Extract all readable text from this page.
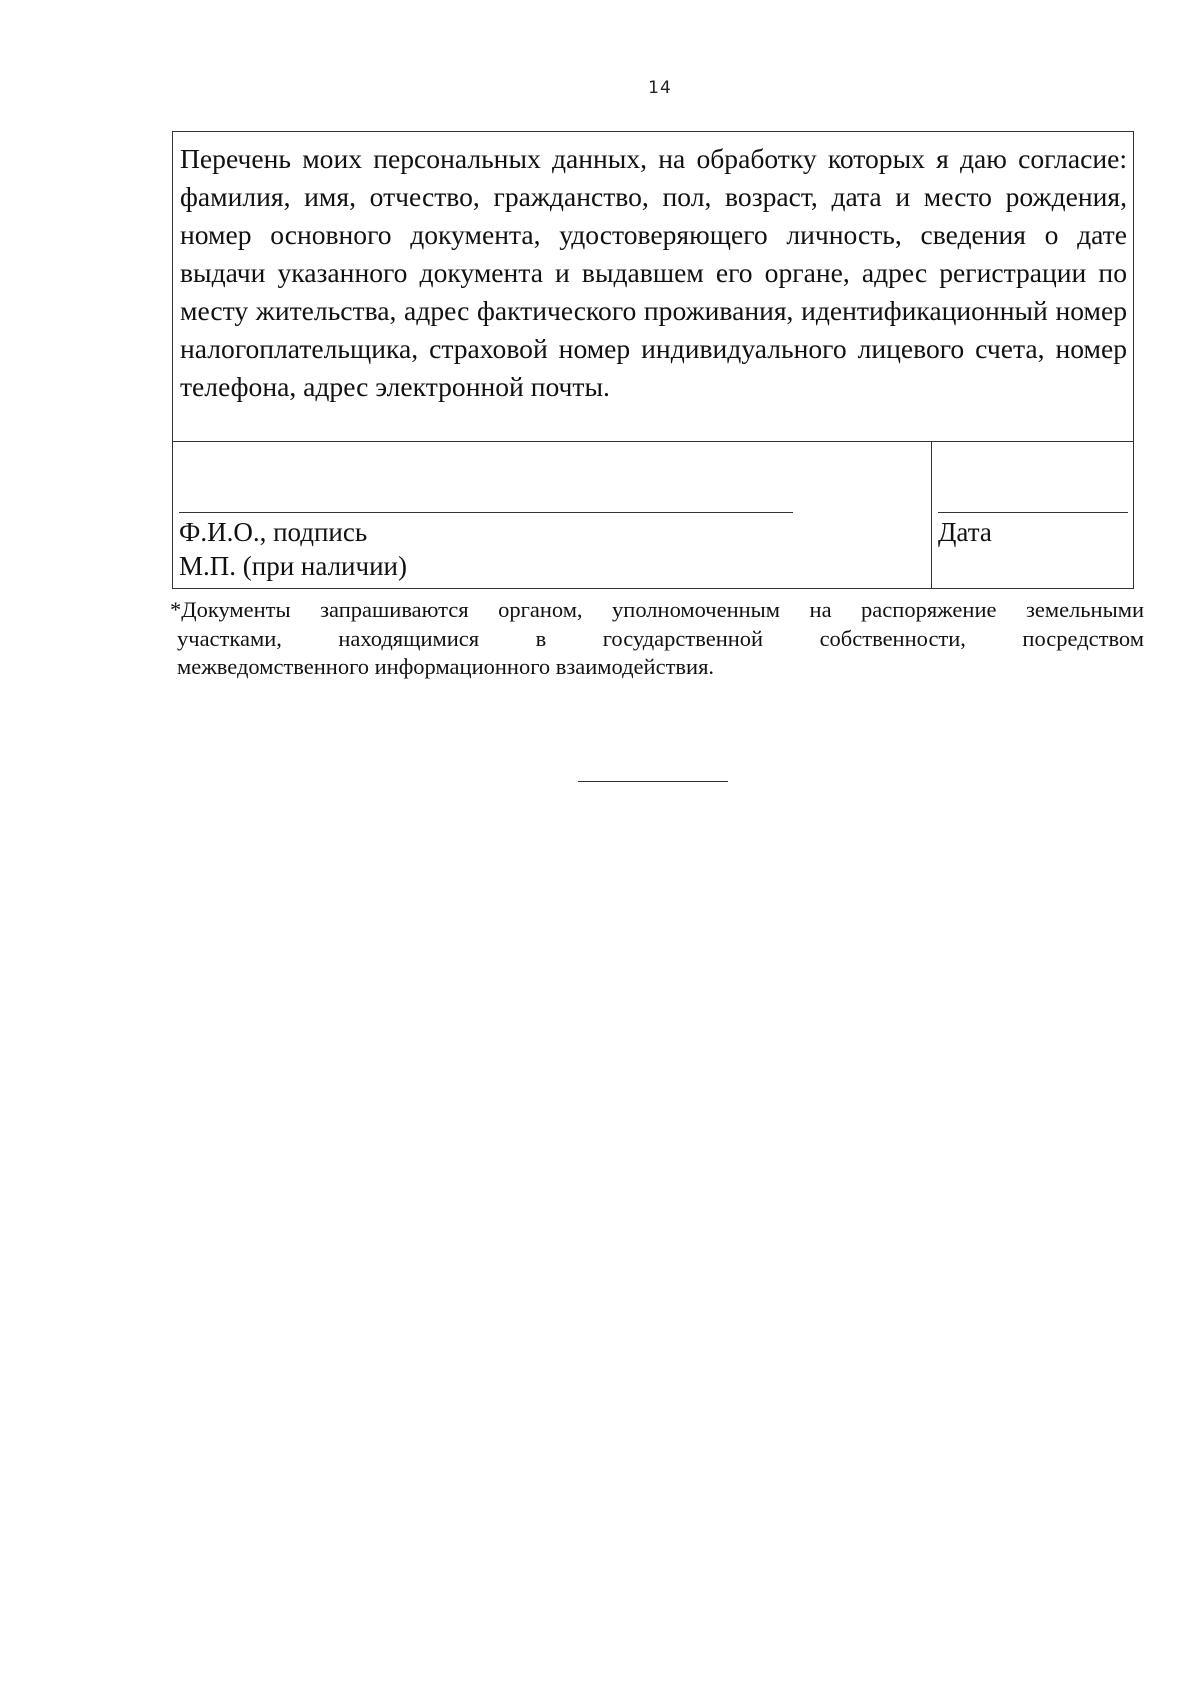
14
Перечень моих персональных данных, на обработку которых я даю согласие: фамилия, имя, отчество, гражданство, пол, возраст, дата и место рождения, номер основного документа, удостоверяющего личность, сведения о дате выдачи указанного документа и выдавшем его органе, адрес регистрации по месту жительства, адрес фактического проживания, идентификационный номер налогоплательщика, страховой номер индивидуального лицевого счета, номер телефона, адрес электронной почты.
Ф.И.О., подпись
М.П. (при наличии)
Дата
*Документы запрашиваются органом, уполномоченным на распоряжение земельными
участками, находящимися в государственной собственности, посредством
межведомственного информационного взаимодействия.
